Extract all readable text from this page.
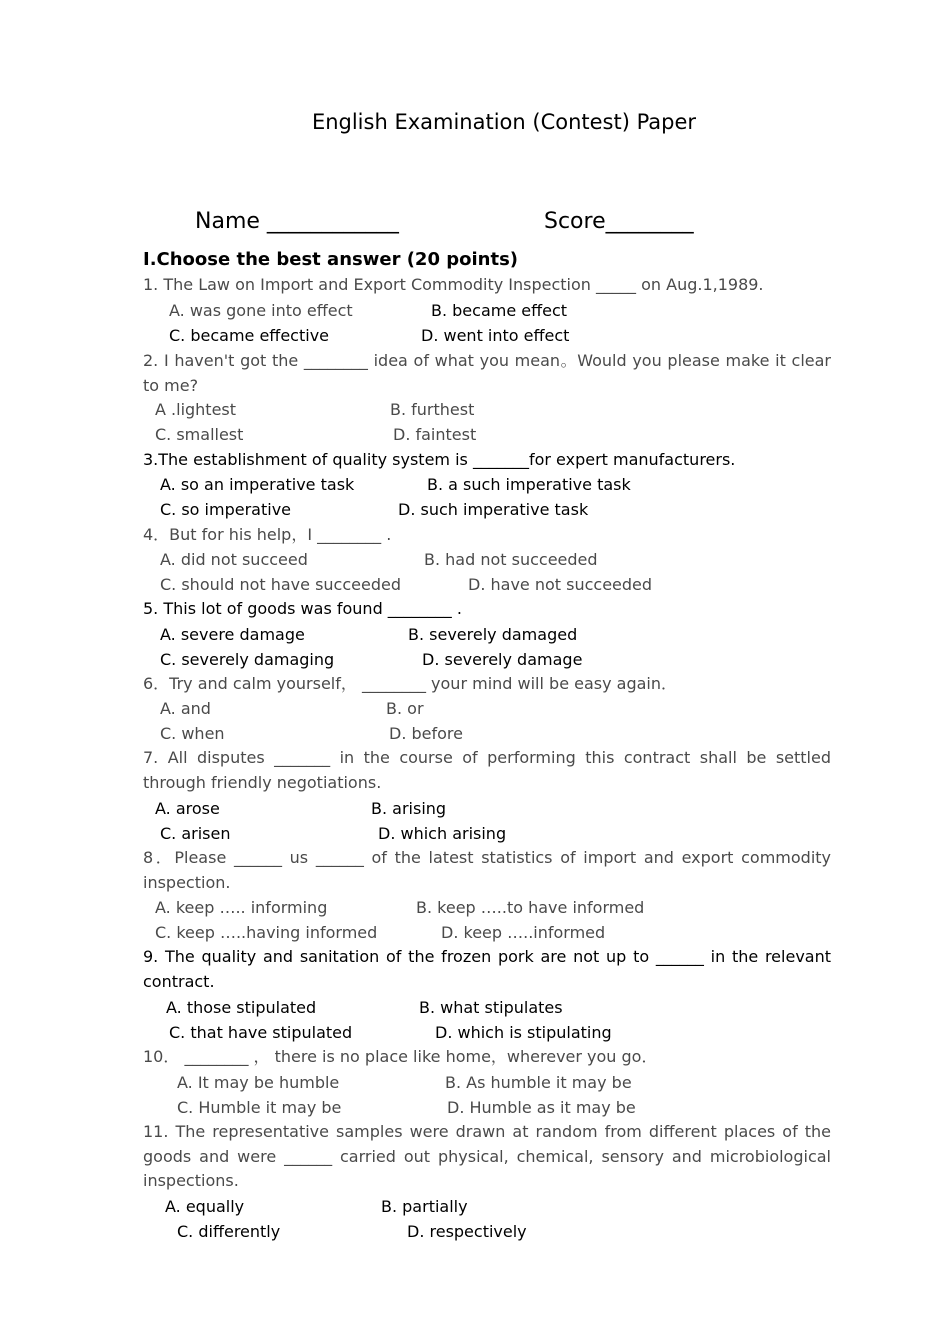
English Examination (Contest) Paper
Name ____________	Score________
I.Choose the best answer (20 points)
1. The Law on Import and Export Commodity Inspection _____ on Aug.1,1989.
A. was gone into effect	B. became effect
C. became effective	D. went into effect
2. I haven't got the ________ idea of what you mean。Would you please make it clear to me?
A .lightest	B. furthest
C. smallest	D. faintest
3.The establishment of quality system is _______for expert manufacturers.
A. so an imperative task	B. a such imperative task
C. so imperative	D. such imperative task
4．But for his help，I ________ .
A. did not succeed	B. had not succeeded
C. should not have succeeded	D. have not succeeded
5. This lot of goods was found ________ .
A. severe damage	B. severely damaged
C. severely damaging	D. severely damage
6．Try and calm yourself， ________ your mind will be easy again．
A. and	B. or
C. when	D. before
7. All disputes _______ in the course of performing this contract shall be settled through friendly negotiations.
A. arose	B. arising
C. arisen	D. which arising
8．Please ______ us ______ of the latest statistics of import and export commodity inspection.
A. keep ….. informing	B. keep …..to have informed
C. keep …..having informed	D. keep …..informed
9. The quality and sanitation of the frozen pork are not up to ______ in the relevant contract.
A. those stipulated	B. what stipulates
C. that have stipulated	D. which is stipulating
10． ________ ， there is no place like home，wherever you go．
A. It may be humble	B. As humble it may be
C. Humble it may be	D. Humble as it may be
11. The representative samples were drawn at random from different places of the goods and were ______ carried out physical, chemical, sensory and microbiological inspections.
A. equally	B. partially
C. differently	D. respectively
